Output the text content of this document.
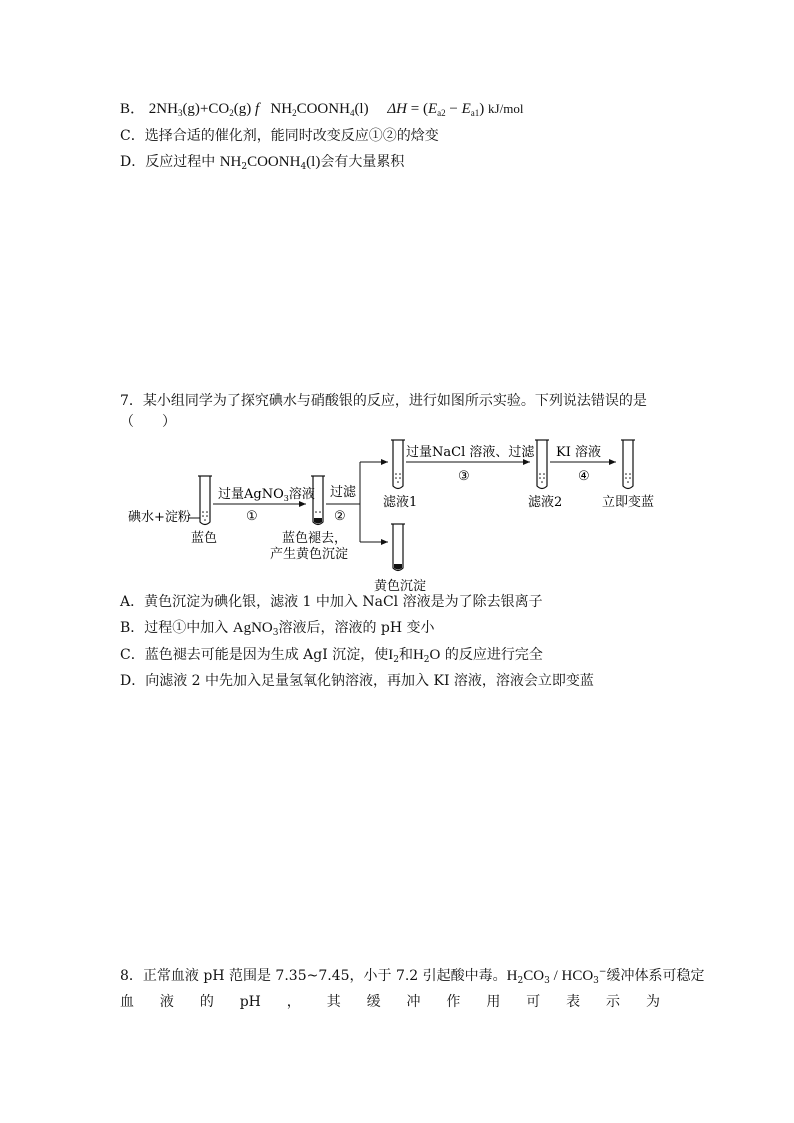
B． $2NH_3(g)+CO_2(g)$ f $NH_2COONH_4(l) \Delta H = (E_{a2} - E_{a1})$ kJ/mol
C．选择合适的催化剂，能同时改变反应①②的焓变
D．反应过程中 $NH_2COONH_4(l)$会有大量累积
7．某小组同学为了探究碘水与硝酸银的反应，进行如图所示实验。下列说法错误的是
（　　）
碘水+淀粉
蓝色
过量AgNO$_3$溶液
①
蓝色褪去，
产生黄色沉淀
过滤
②
滤液1
黄色沉淀
过量NaCl 溶液、过滤
③
滤液2
KI 溶液
④
立即变蓝
A．黄色沉淀为碘化银，滤液 1 中加入 NaCl 溶液是为了除去银离子
B．过程①中加入 AgNO$_3$溶液后，溶液的 pH 变小
C．蓝色褪去可能是因为生成 AgI 沉淀，使$I_2$和$H_2O$ 的反应进行完全
D．向滤液 2 中先加入足量氢氧化钠溶液，再加入 KI 溶液，溶液会立即变蓝
8．正常血液 pH 范围是 7.35~7.45，小于 7.2 引起酸中毒。$H_2CO_3 / HCO_3^-$缓冲体系可稳定
血 液 的 pH ， 其 缓 冲 作 用 可 表 示 为
